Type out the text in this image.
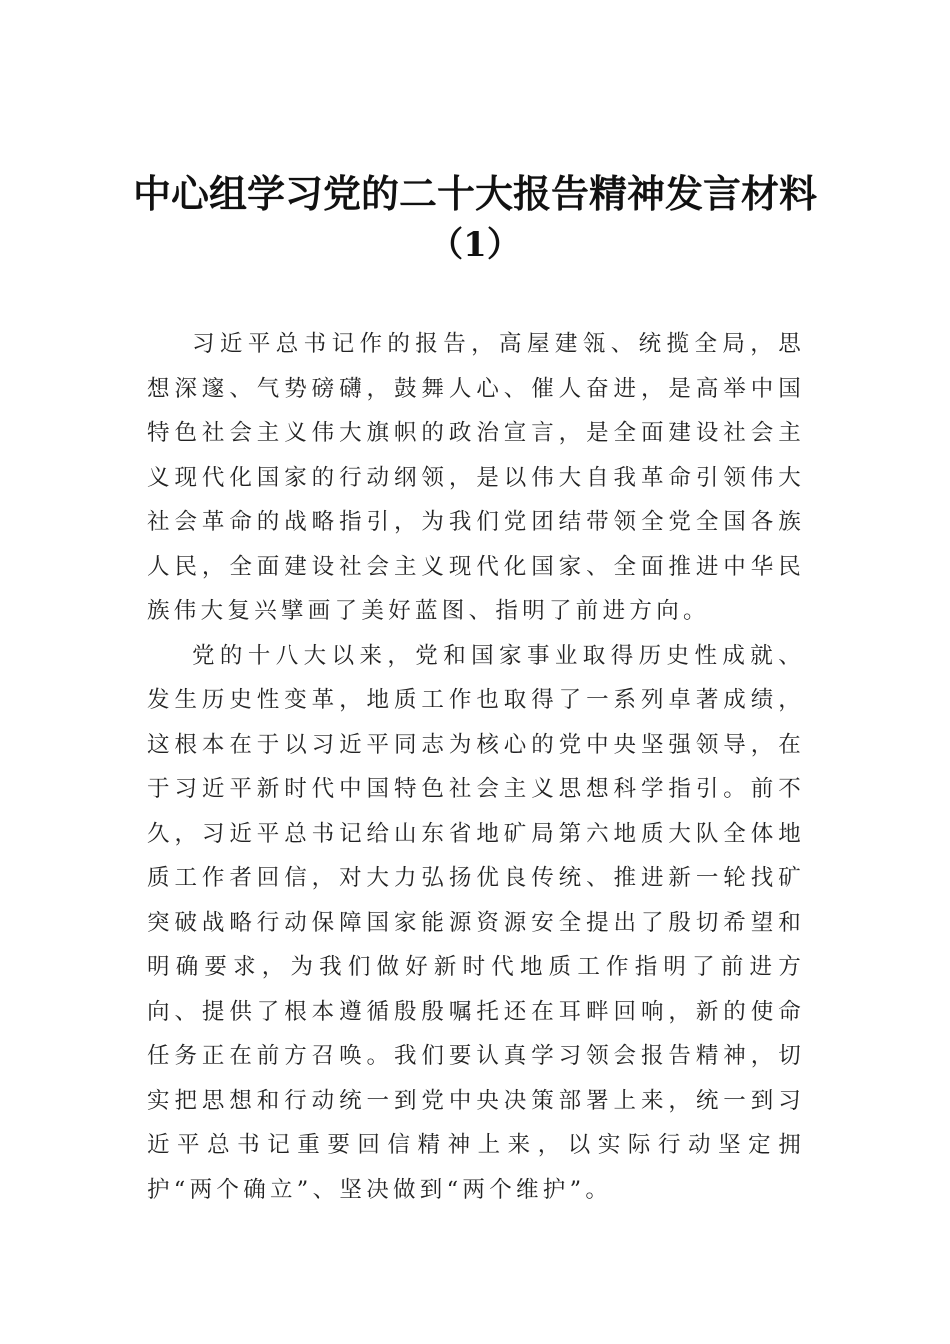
中心组学习党的二十大报告精神发言材料
（1）

习近平总书记作的报告，高屋建瓴、统揽全局，思想深邃、气势磅礴，鼓舞人心、催人奋进，是高举中国特色社会主义伟大旗帜的政治宣言，是全面建设社会主义现代化国家的行动纲领，是以伟大自我革命引领伟大社会革命的战略指引，为我们党团结带领全党全国各族人民，全面建设社会主义现代化国家、全面推进中华民族伟大复兴擘画了美好蓝图、指明了前进方向。

党的十八大以来，党和国家事业取得历史性成就、发生历史性变革，地质工作也取得了一系列卓著成绩，这根本在于以习近平同志为核心的党中央坚强领导，在于习近平新时代中国特色社会主义思想科学指引。前不久，习近平总书记给山东省地矿局第六地质大队全体地质工作者回信，对大力弘扬优良传统、推进新一轮找矿突破战略行动保障国家能源资源安全提出了殷切希望和明确要求，为我们做好新时代地质工作指明了前进方向、提供了根本遵循殷殷嘱托还在耳畔回响，新的使命任务正在前方召唤。我们要认真学习领会报告精神，切实把思想和行动统一到党中央决策部署上来，统一到习近平总书记重要回信精神上来，以实际行动坚定拥护“两个确立”、坚决做到“两个维护”。
